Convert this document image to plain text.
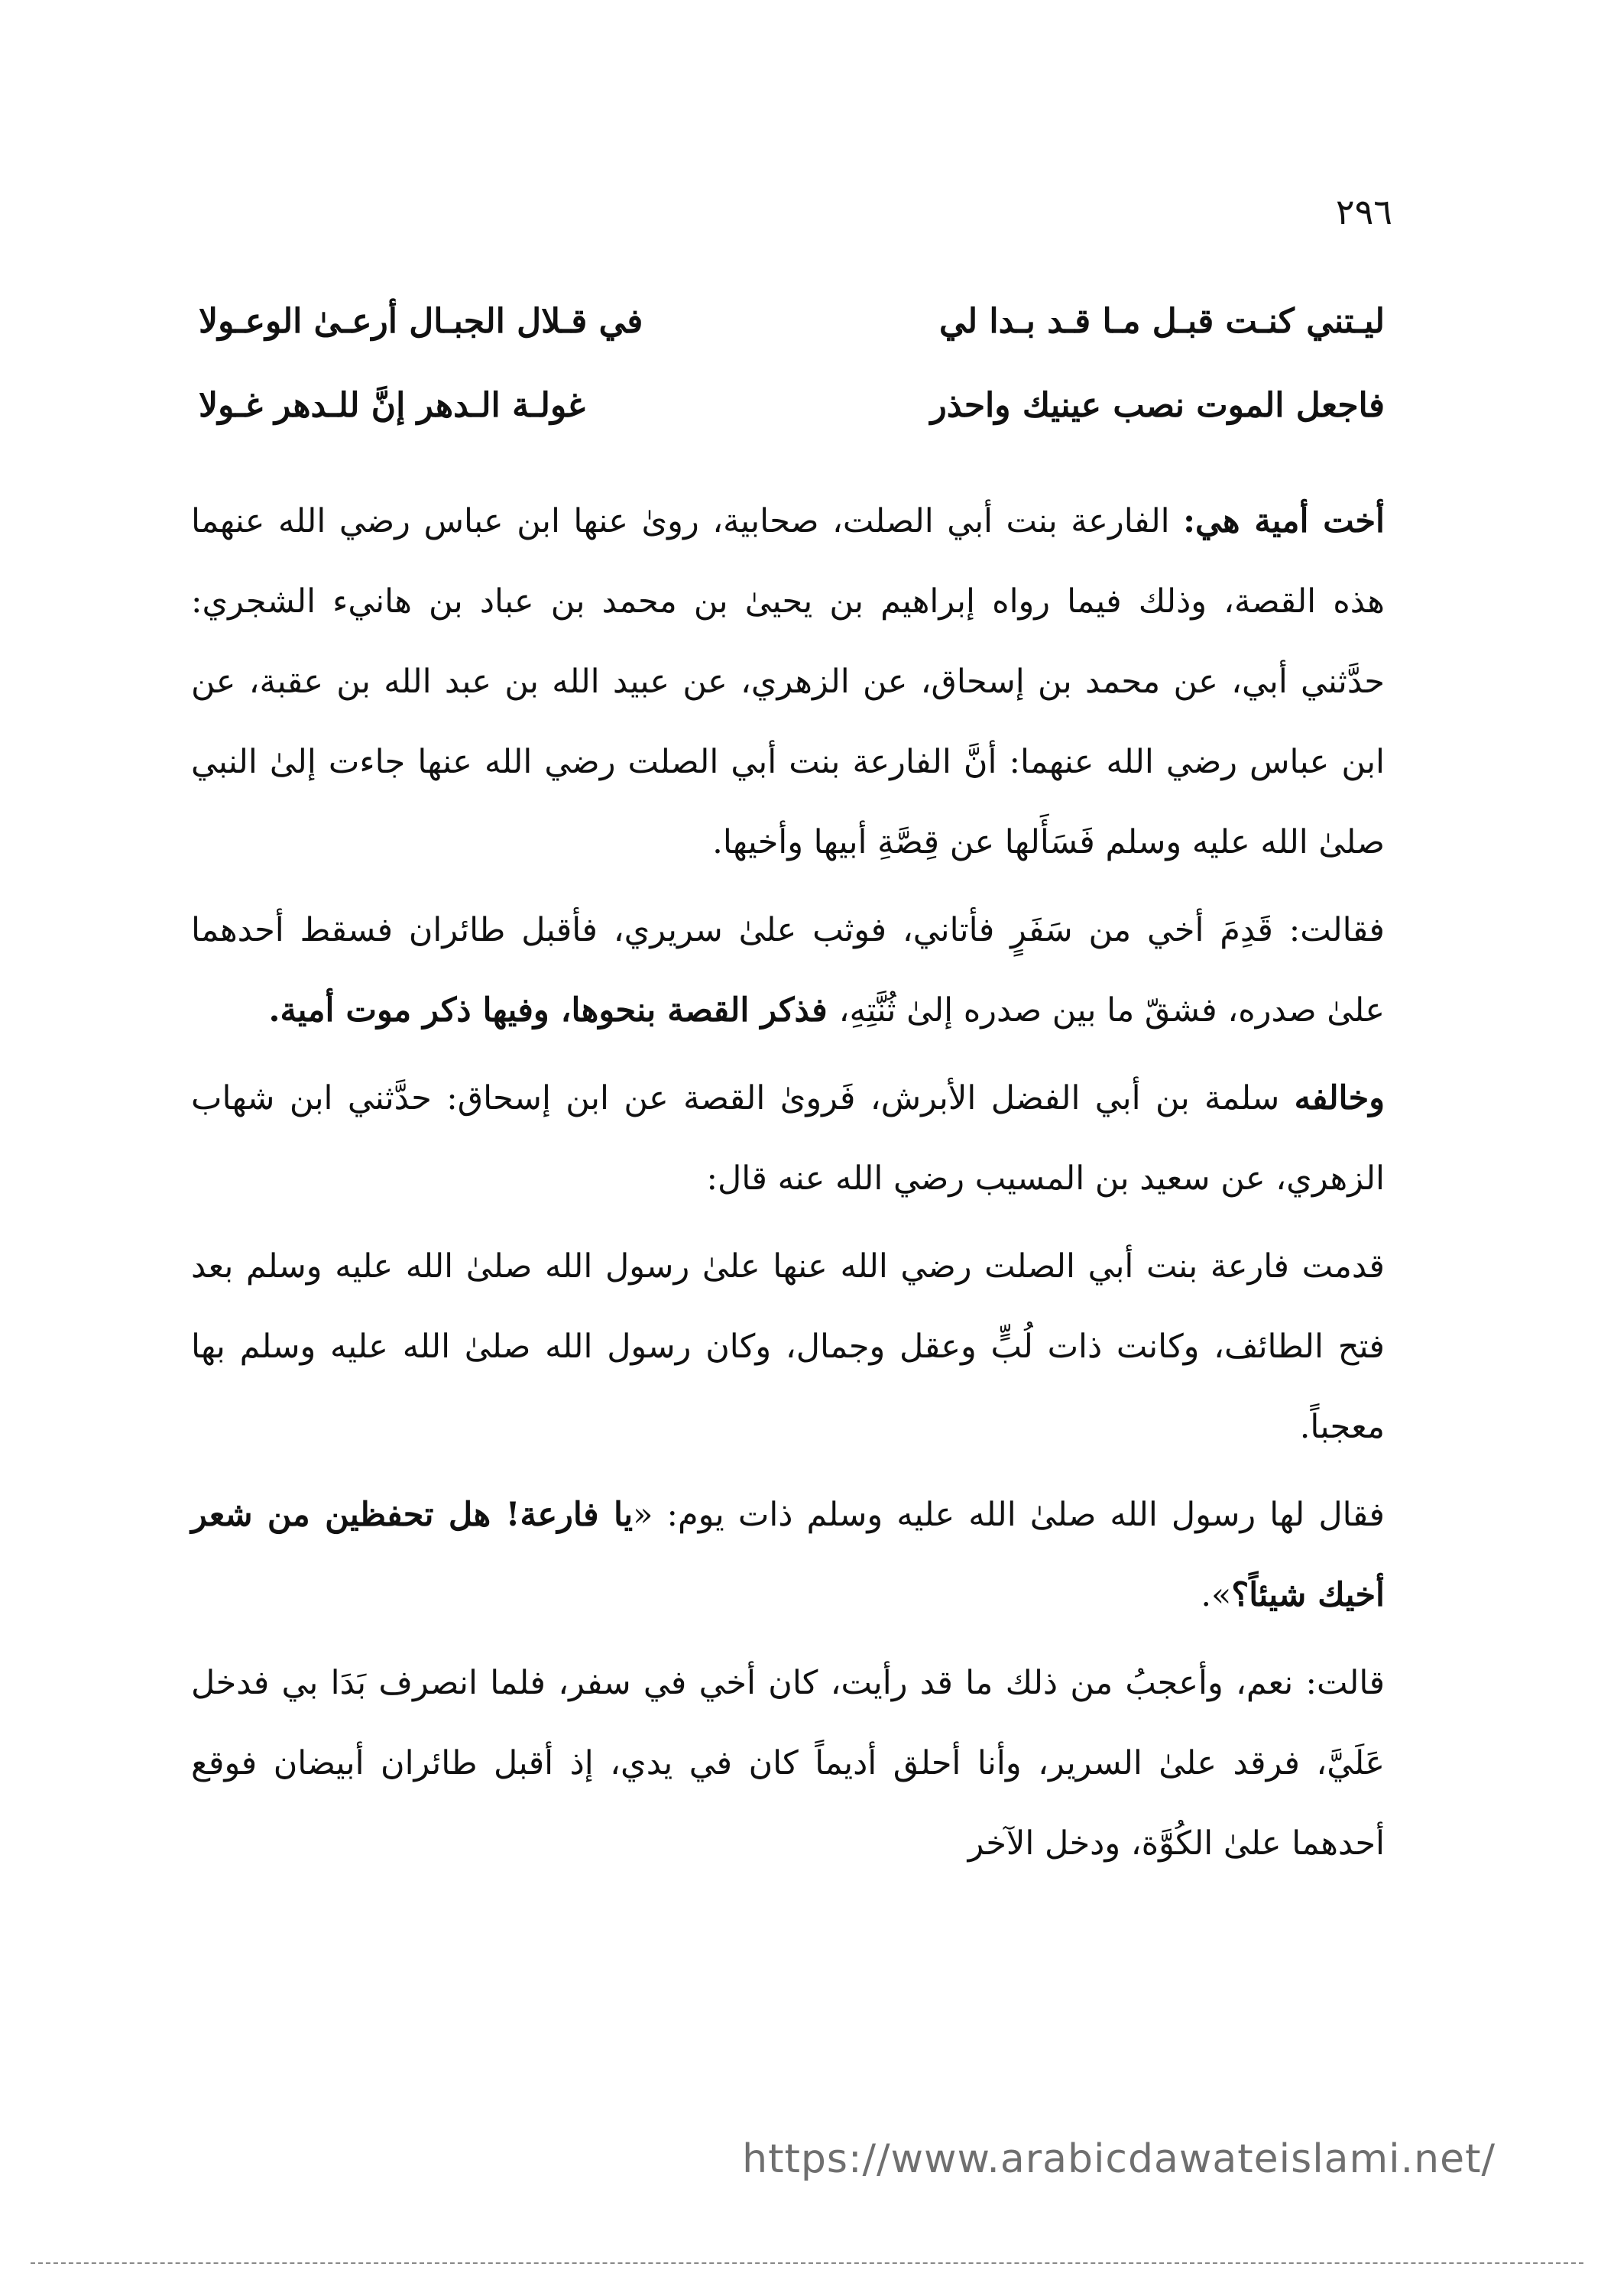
٢٩٦
ليـتني كنـت قبـل مـا قـد بـدا لي
في قـلال الجبـال أرعـىٰ الوعـولا
فاجعل الموت نصب عينيك واحذر
غولـة الـدهر إنَّ للـدهر غـولا

أخت أمية هي: الفارعة بنت أبي الصلت، صحابية، روىٰ عنها ابن عباس رضي الله عنهما هذه القصة، وذلك فيما رواه إبراهيم بن يحيىٰ بن محمد بن عباد بن هانيء الشجري: حدَّثني أبي، عن محمد بن إسحاق، عن الزهري، عن عبيد الله بن عبد الله بن عقبة، عن ابن عباس رضي الله عنهما: أنَّ الفارعة بنت أبي الصلت رضي الله عنها جاءت إلىٰ النبي صلىٰ الله عليه وسلم فَسَأَلها عن قِصَّةِ أبيها وأخيها.

فقالت: قَدِمَ أخي من سَفَرٍ فأتاني، فوثب علىٰ سريري، فأقبل طائران فسقط أحدهما علىٰ صدره، فشقّ ما بين صدره إلىٰ ثُنَّتِهِ، فذكر القصة بنحوها، وفيها ذكر موت أمية.

وخالفه سلمة بن أبي الفضل الأبرش، فَروىٰ القصة عن ابن إسحاق: حدَّثني ابن شهاب الزهري، عن سعيد بن المسيب رضي الله عنه قال:

قدمت فارعة بنت أبي الصلت رضي الله عنها علىٰ رسول الله صلىٰ الله عليه وسلم بعد فتح الطائف، وكانت ذات لُبٍّ وعقل وجمال، وكان رسول الله صلىٰ الله عليه وسلم بها معجباً.

فقال لها رسول الله صلىٰ الله عليه وسلم ذات يوم: «يا فارعة! هل تحفظين من شعر أخيك شيئاً؟».

قالت: نعم، وأعجبُ من ذلك ما قد رأيت، كان أخي في سفر، فلما انصرف بَدَا بي فدخل عَلَيَّ، فرقد علىٰ السرير، وأنا أحلق أديماً كان في يدي، إذ أقبل طائران أبيضان فوقع أحدهما علىٰ الكُوَّة، ودخل الآخر

https://www.arabicdawateislami.net/
